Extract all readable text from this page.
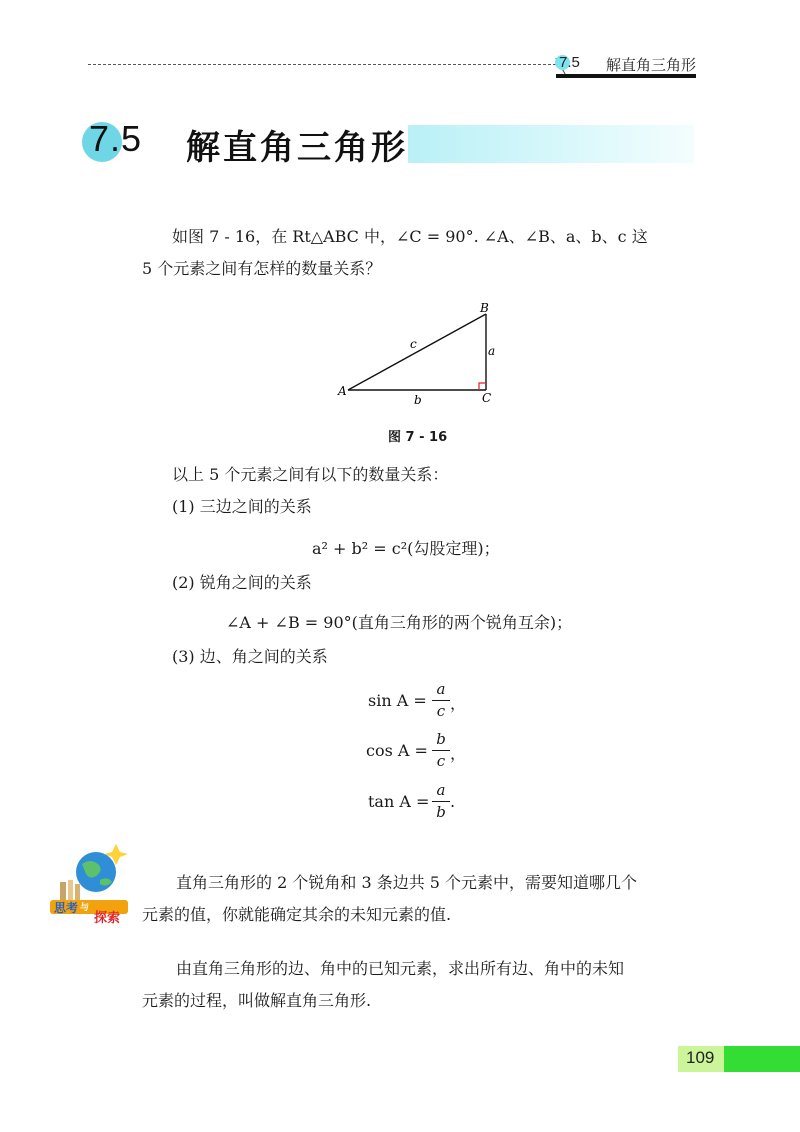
7.5 解直角三角形
7.5 解直角三角形
如图 7 - 16，在 Rt△ABC 中，∠C = 90°. ∠A、∠B、a、b、c 这
5 个元素之间有怎样的数量关系？
A
B
C
a
b
c
图 7 - 16
以上 5 个元素之间有以下的数量关系：
(1) 三边之间的关系
a² + b² = c²(勾股定理)；
(2) 锐角之间的关系
∠A + ∠B = 90°(直角三角形的两个锐角互余)；
(3) 边、角之间的关系
sin A =
a
c ，
cos A =
b
c ，
tan A =
a
b
.
思考 与
探索
直角三角形的 2 个锐角和 3 条边共 5 个元素中，需要知道哪几个
元素的值，你就能确定其余的未知元素的值.
由直角三角形的边、角中的已知元素，求出所有边、角中的未知
元素的过程，叫做解直角三角形.
109
